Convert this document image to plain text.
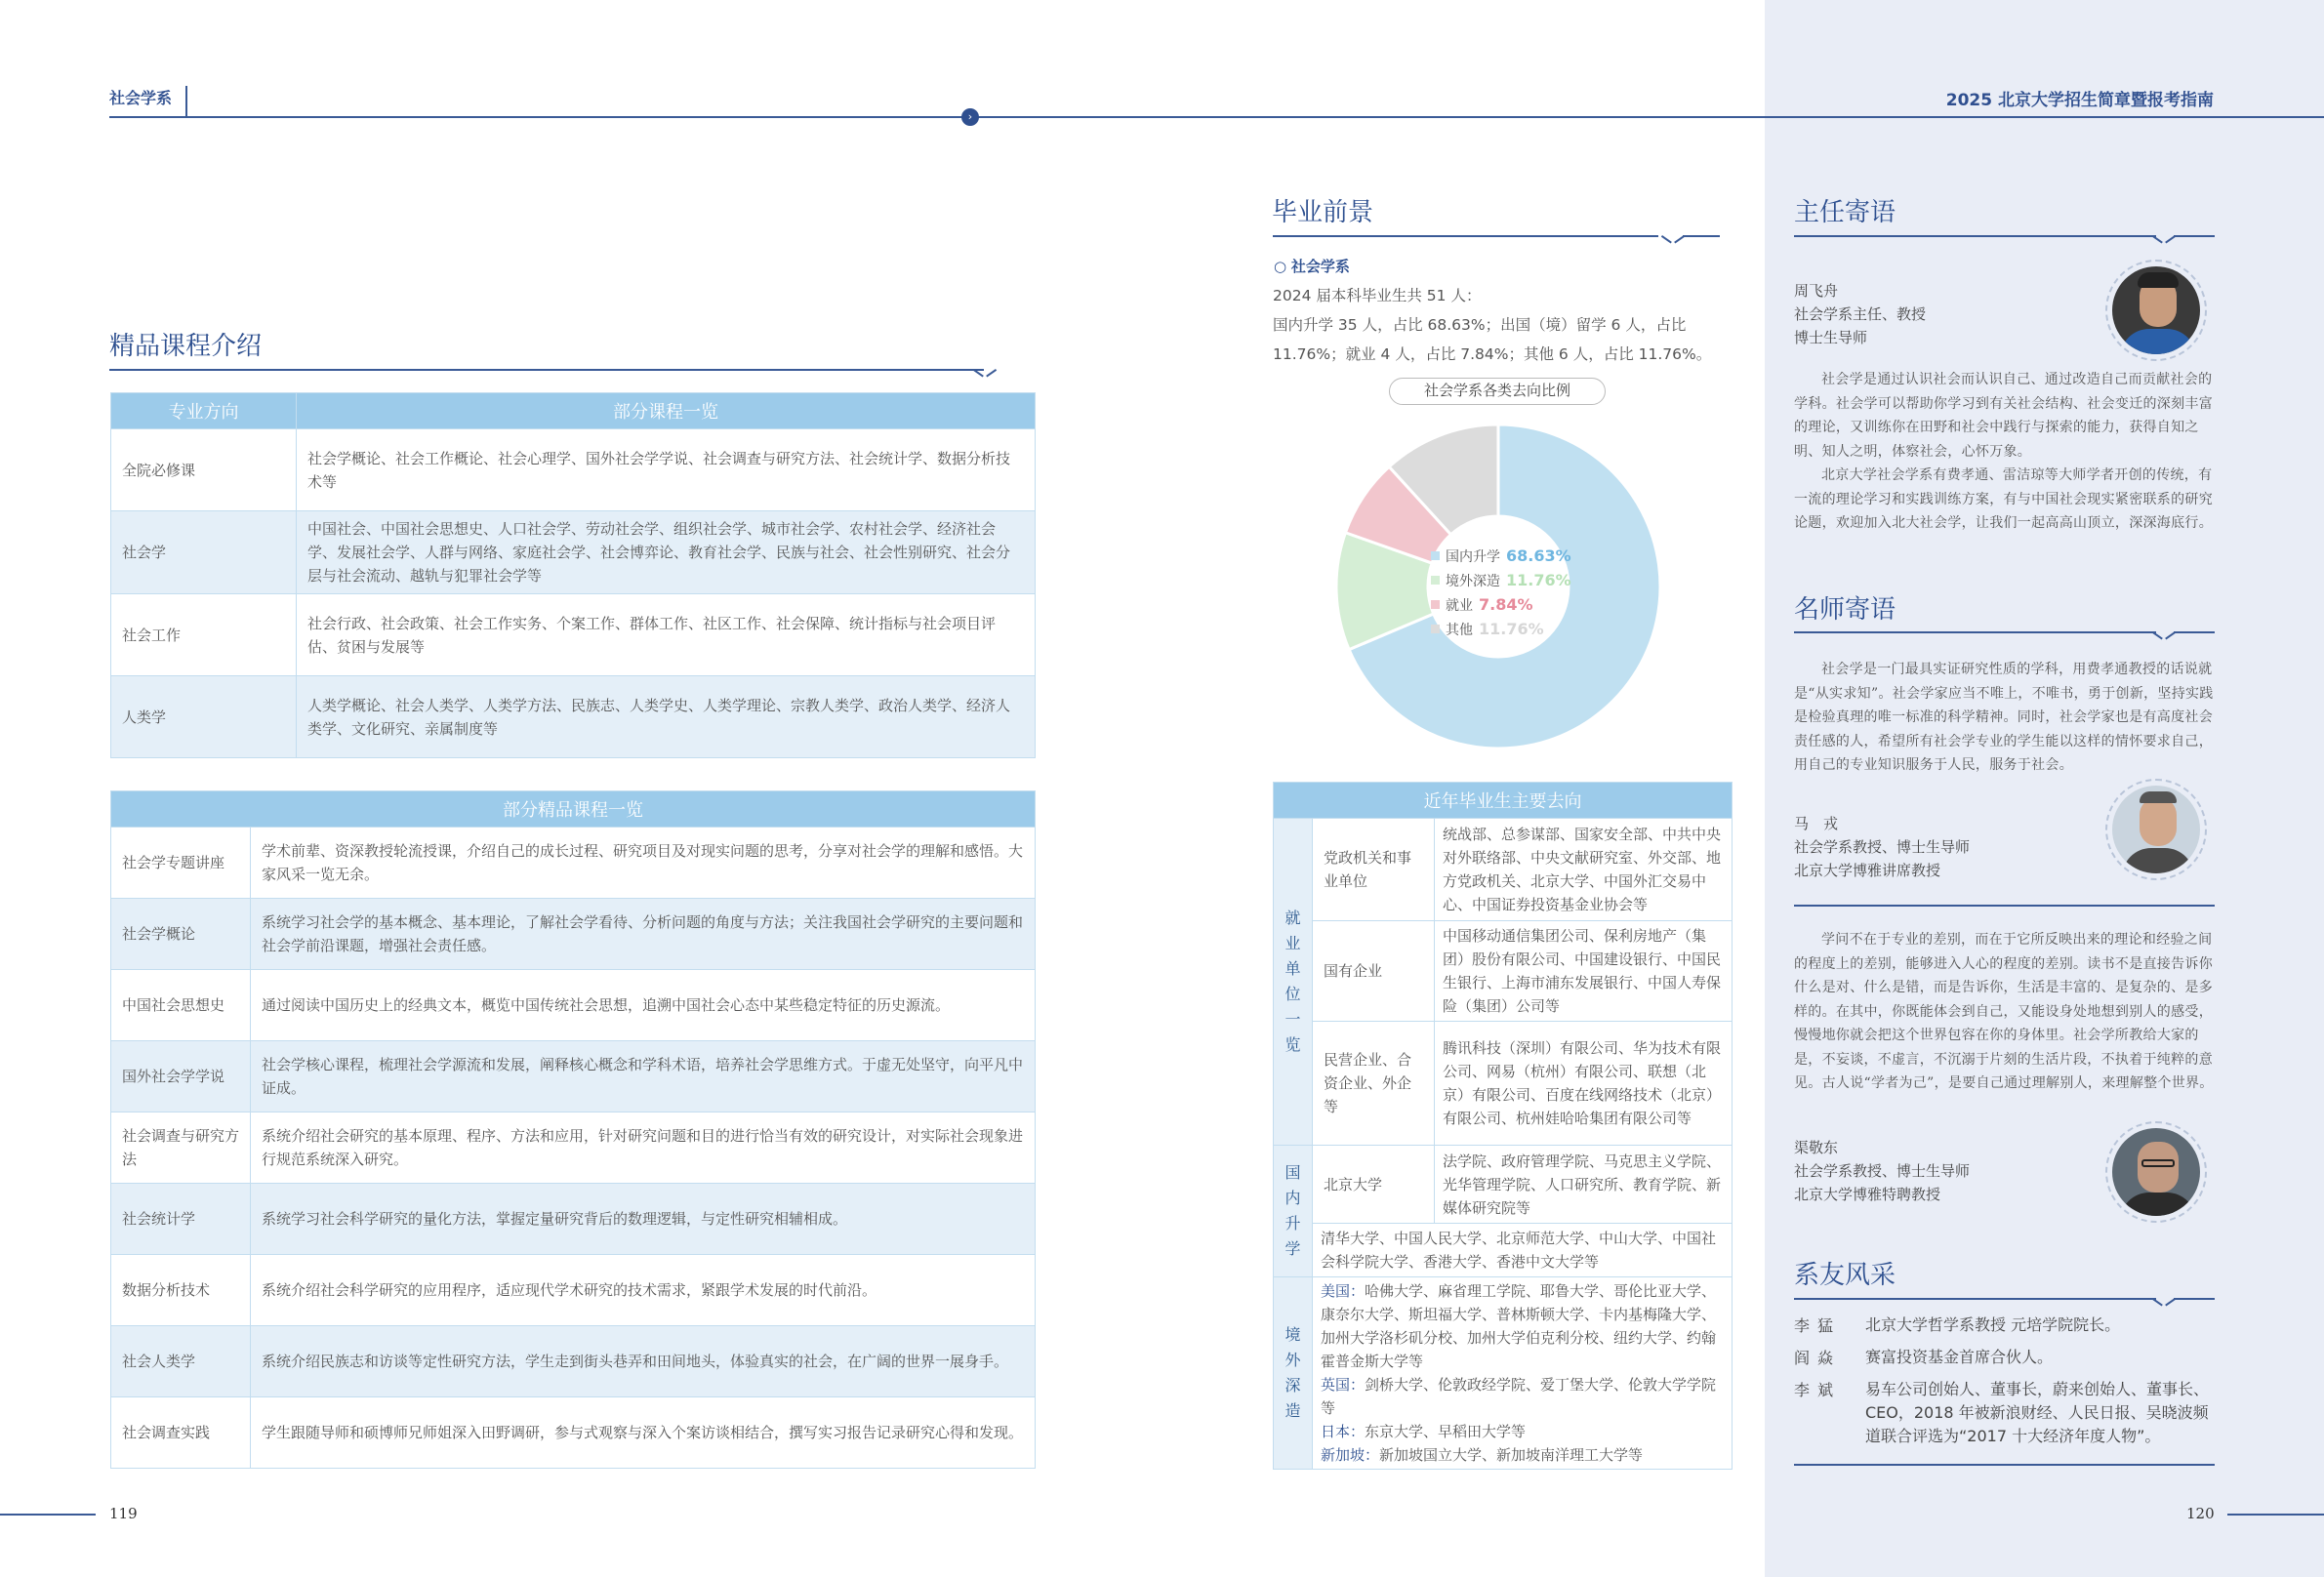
社会学系
›
2025 北京大学招生简章暨报考指南
精品课程介绍
专业方向	部分课程一览
全院必修课	社会学概论、社会工作概论、社会心理学、国外社会学学说、社会调查与研究方法、社会统计学、数据分析技术等
社会学	中国社会、中国社会思想史、人口社会学、劳动社会学、组织社会学、城市社会学、农村社会学、经济社会学、发展社会学、人群与网络、家庭社会学、社会博弈论、教育社会学、民族与社会、社会性别研究、社会分层与社会流动、越轨与犯罪社会学等
社会工作	社会行政、社会政策、社会工作实务、个案工作、群体工作、社区工作、社会保障、统计指标与社会项目评估、贫困与发展等
人类学	人类学概论、社会人类学、人类学方法、民族志、人类学史、人类学理论、宗教人类学、政治人类学、经济人类学、文化研究、亲属制度等
部分精品课程一览	
社会学专题讲座	学术前辈、资深教授轮流授课，介绍自己的成长过程、研究项目及对现实问题的思考，分享对社会学的理解和感悟。大家风采一览无余。
社会学概论	系统学习社会学的基本概念、基本理论，了解社会学看待、分析问题的角度与方法；关注我国社会学研究的主要问题和社会学前沿课题，增强社会责任感。
中国社会思想史	通过阅读中国历史上的经典文本，概览中国传统社会思想，追溯中国社会心态中某些稳定特征的历史源流。
国外社会学学说	社会学核心课程，梳理社会学源流和发展，阐释核心概念和学科术语，培养社会学思维方式。于虚无处坚守，向平凡中证成。
社会调查与研究方法	系统介绍社会研究的基本原理、程序、方法和应用，针对研究问题和目的进行恰当有效的研究设计，对实际社会现象进行规范系统深入研究。
社会统计学	系统学习社会科学研究的量化方法，掌握定量研究背后的数理逻辑，与定性研究相辅相成。
数据分析技术	系统介绍社会科学研究的应用程序，适应现代学术研究的技术需求，紧跟学术发展的时代前沿。
社会人类学	系统介绍民族志和访谈等定性研究方法，学生走到街头巷弄和田间地头，体验真实的社会，在广阔的世界一展身手。
社会调查实践	学生跟随导师和硕博师兄师姐深入田野调研，参与式观察与深入个案访谈相结合，撰写实习报告记录研究心得和发现。
毕业前景
○ 社会学系
2024 届本科毕业生共 51 人：
国内升学 35 人，占比 68.63%；出国（境）留学 6 人，占比
11.76%；就业 4 人，占比 7.84%；其他 6 人，占比 11.76%。
社会学系各类去向比例
国内升学 68.63%
境外深造 11.76%
就业 7.84%
其他 11.76%
近年毕业生主要去向		
就业单位一览	党政机关和事业单位	统战部、总参谋部、国家安全部、中共中央对外联络部、中央文献研究室、外交部、地方党政机关、北京大学、中国外汇交易中心、中国证券投资基金业协会等
	国有企业	中国移动通信集团公司、保利房地产（集团）股份有限公司、中国建设银行、中国民生银行、上海市浦东发展银行、中国人寿保险（集团）公司等
	民营企业、合资企业、外企等	腾讯科技（深圳）有限公司、华为技术有限公司、网易（杭州）有限公司、联想（北京）有限公司、百度在线网络技术（北京）有限公司、杭州娃哈哈集团有限公司等
国内升学	北京大学	法学院、政府管理学院、马克思主义学院、光华管理学院、人口研究所、教育学院、新媒体研究院等
	清华大学、中国人民大学、北京师范大学、中山大学、中国社会科学院大学、香港大学、香港中文大学等	
境外深造	美国：哈佛大学、麻省理工学院、耶鲁大学、哥伦比亚大学、康奈尔大学、斯坦福大学、普林斯顿大学、卡内基梅隆大学、加州大学洛杉矶分校、加州大学伯克利分校、纽约大学、约翰霍普金斯大学等
英国：剑桥大学、伦敦政经学院、爱丁堡大学、伦敦大学学院等
日本：东京大学、早稻田大学等
新加坡：新加坡国立大学、新加坡南洋理工大学等	
主任寄语
周飞舟
社会学系主任、教授
博士生导师
社会学是通过认识社会而认识自己、通过改造自己而贡献社会的学科。社会学可以帮助你学习到有关社会结构、社会变迁的深刻丰富的理论，又训练你在田野和社会中践行与探索的能力，获得自知之明、知人之明，体察社会，心怀万象。
北京大学社会学系有费孝通、雷洁琼等大师学者开创的传统，有一流的理论学习和实践训练方案，有与中国社会现实紧密联系的研究论题，欢迎加入北大社会学，让我们一起高高山顶立，深深海底行。
名师寄语
社会学是一门最具实证研究性质的学科，用费孝通教授的话说就是“从实求知”。社会学家应当不唯上，不唯书，勇于创新，坚持实践是检验真理的唯一标准的科学精神。同时，社会学家也是有高度社会责任感的人，希望所有社会学专业的学生能以这样的情怀要求自己，用自己的专业知识服务于人民，服务于社会。
马　戎
社会学系教授、博士生导师
北京大学博雅讲席教授
学问不在于专业的差别，而在于它所反映出来的理论和经验之间的程度上的差别，能够进入人心的程度的差别。读书不是直接告诉你什么是对、什么是错，而是告诉你，生活是丰富的、是复杂的、是多样的。在其中，你既能体会到自己，又能设身处地想到别人的感受，慢慢地你就会把这个世界包容在你的身体里。社会学所教给大家的是，不妄谈，不虚言，不沉溺于片刻的生活片段，不执着于纯粹的意见。古人说“学者为己”，是要自己通过理解别人，来理解整个世界。
渠敬东
社会学系教授、博士生导师
北京大学博雅特聘教授
系友风采
李猛	北京大学哲学系教授 元培学院院长。
阎焱	赛富投资基金首席合伙人。
李斌	易车公司创始人、董事长，蔚来创始人、董事长、CEO，2018 年被新浪财经、人民日报、吴晓波频道联合评选为“2017 十大经济年度人物”。
119	120
